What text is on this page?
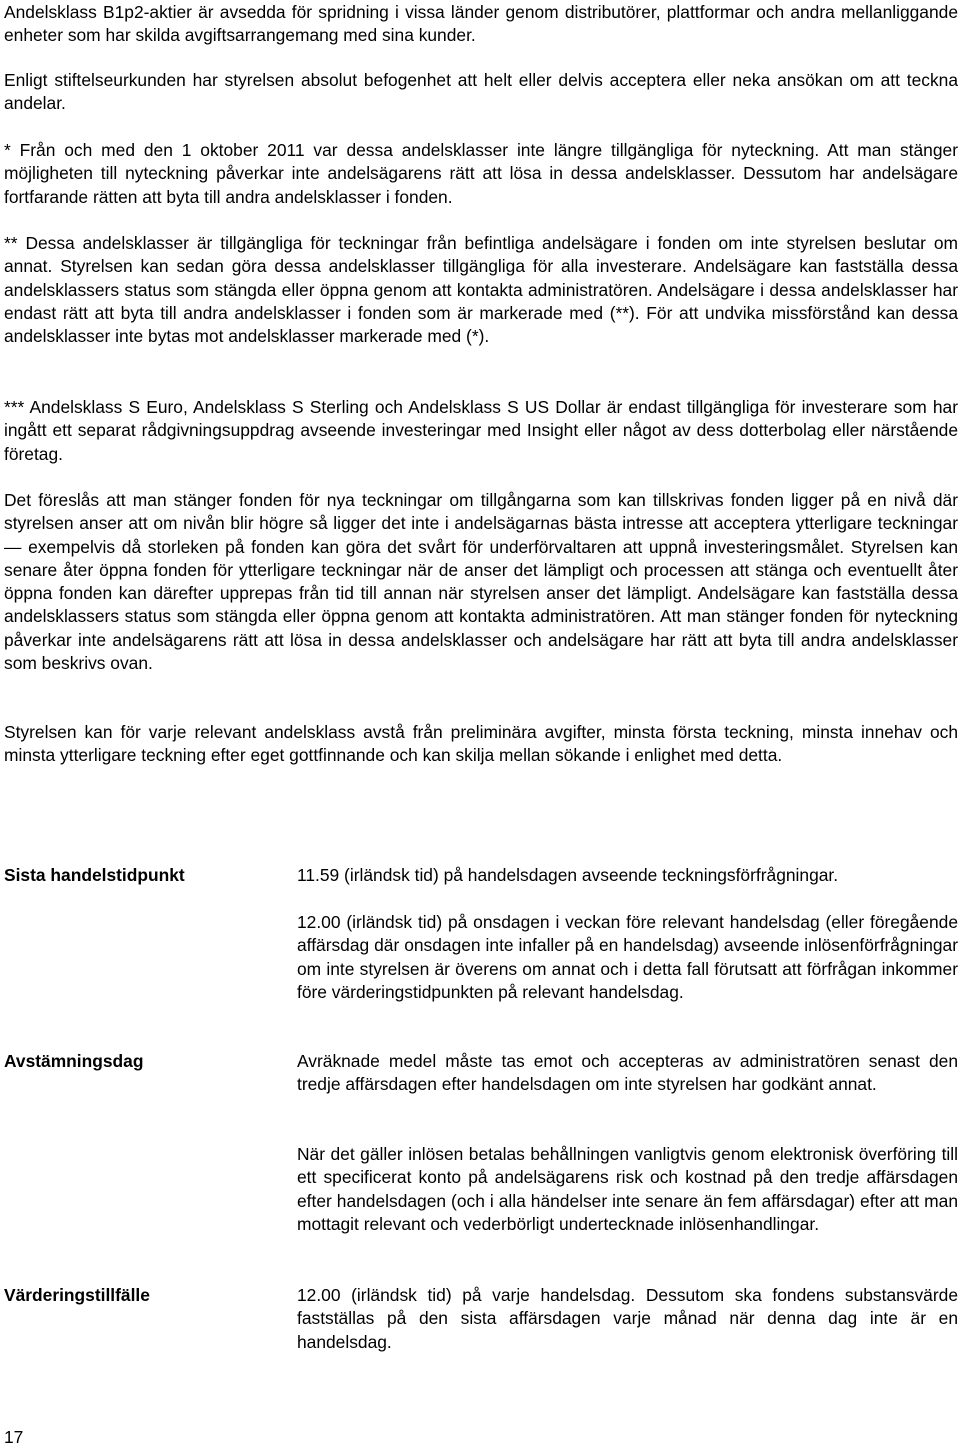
Andelsklass B1p2-aktier är avsedda för spridning i vissa länder genom distributörer, plattformar och andra mellanliggande enheter som har skilda avgiftsarrangemang med sina kunder.

Enligt stiftelseurkunden har styrelsen absolut befogenhet att helt eller delvis acceptera eller neka ansökan om att teckna andelar.

* Från och med den 1 oktober 2011 var dessa andelsklasser inte längre tillgängliga för nyteckning. Att man stänger möjligheten till nyteckning påverkar inte andelsägarens rätt att lösa in dessa andelsklasser. Dessutom har andelsägare fortfarande rätten att byta till andra andelsklasser i fonden.

** Dessa andelsklasser är tillgängliga för teckningar från befintliga andelsägare i fonden om inte styrelsen beslutar om annat. Styrelsen kan sedan göra dessa andelsklasser tillgängliga för alla investerare. Andelsägare kan fastställa dessa andelsklassers status som stängda eller öppna genom att kontakta administratören. Andelsägare i dessa andelsklasser har endast rätt att byta till andra andelsklasser i fonden som är markerade med (**). För att undvika missförstånd kan dessa andelsklasser inte bytas mot andelsklasser markerade med (*).

*** Andelsklass S Euro, Andelsklass S Sterling och Andelsklass S US Dollar är endast tillgängliga för investerare som har ingått ett separat rådgivningsuppdrag avseende investeringar med Insight eller något av dess dotterbolag eller närstående företag.

Det föreslås att man stänger fonden för nya teckningar om tillgångarna som kan tillskrivas fonden ligger på en nivå där styrelsen anser att om nivån blir högre så ligger det inte i andelsägarnas bästa intresse att acceptera ytterligare teckningar — exempelvis då storleken på fonden kan göra det svårt för underförvaltaren att uppnå investeringsmålet. Styrelsen kan senare åter öppna fonden för ytterligare teckningar när de anser det lämpligt och processen att stänga och eventuellt åter öppna fonden kan därefter upprepas från tid till annan när styrelsen anser det lämpligt. Andelsägare kan fastställa dessa andelsklassers status som stängda eller öppna genom att kontakta administratören. Att man stänger fonden för nyteckning påverkar inte andelsägarens rätt att lösa in dessa andelsklasser och andelsägare har rätt att byta till andra andelsklasser som beskrivs ovan.

Styrelsen kan för varje relevant andelsklass avstå från preliminära avgifter, minsta första teckning, minsta innehav och minsta ytterligare teckning efter eget gottfinnande och kan skilja mellan sökande i enlighet med detta.

Sista handelstidpunkt	11.59 (irländsk tid) på handelsdagen avseende teckningsförfrågningar.

12.00 (irländsk tid) på onsdagen i veckan före relevant handelsdag (eller föregående affärsdag där onsdagen inte infaller på en handelsdag) avseende inlösenförfrågningar om inte styrelsen är överens om annat och i detta fall förutsatt att förfrågan inkommer före värderingstidpunkten på relevant handelsdag.

Avstämningsdag	Avräknade medel måste tas emot och accepteras av administratören senast den tredje affärsdagen efter handelsdagen om inte styrelsen har godkänt annat.

När det gäller inlösen betalas behållningen vanligtvis genom elektronisk överföring till ett specificerat konto på andelsägarens risk och kostnad på den tredje affärsdagen efter handelsdagen (och i alla händelser inte senare än fem affärsdagar) efter att man mottagit relevant och vederbörligt undertecknade inlösenhandlingar.

Värderingstillfälle	12.00 (irländsk tid) på varje handelsdag. Dessutom ska fondens substansvärde fastställas på den sista affärsdagen varje månad när denna dag inte är en handelsdag.

17
